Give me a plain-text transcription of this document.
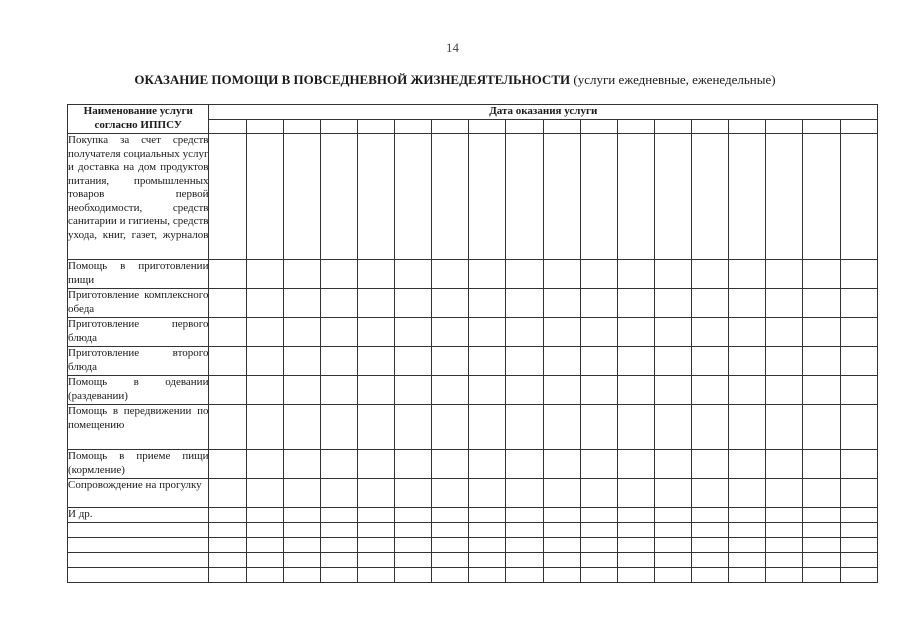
14
ОКАЗАНИЕ ПОМОЩИ В ПОВСЕДНЕВНОЙ ЖИЗНЕДЕЯТЕЛЬНОСТИ (услуги ежедневные, еженедельные)
Наименование услуги согласно ИППСУ	Дата оказания услуги																	

Покупка за счет средств получателя социальных услуг и доставка на дом продуктов питания, промышленных товаров первой необходимости, средств санитарии и гигиены, средств ухода, книг, газет, журналов																		
Помощь в приготовлении пищи																		
Приготовление комплексного обеда																		
Приготовление первого блюда																		
Приготовление второго блюда																		
Помощь в одевании (раздевании)																		
Помощь в передвижении по помещению																		
Помощь в приеме пищи (кормление)																		
Сопровождение на прогулку																		
И др.																		
